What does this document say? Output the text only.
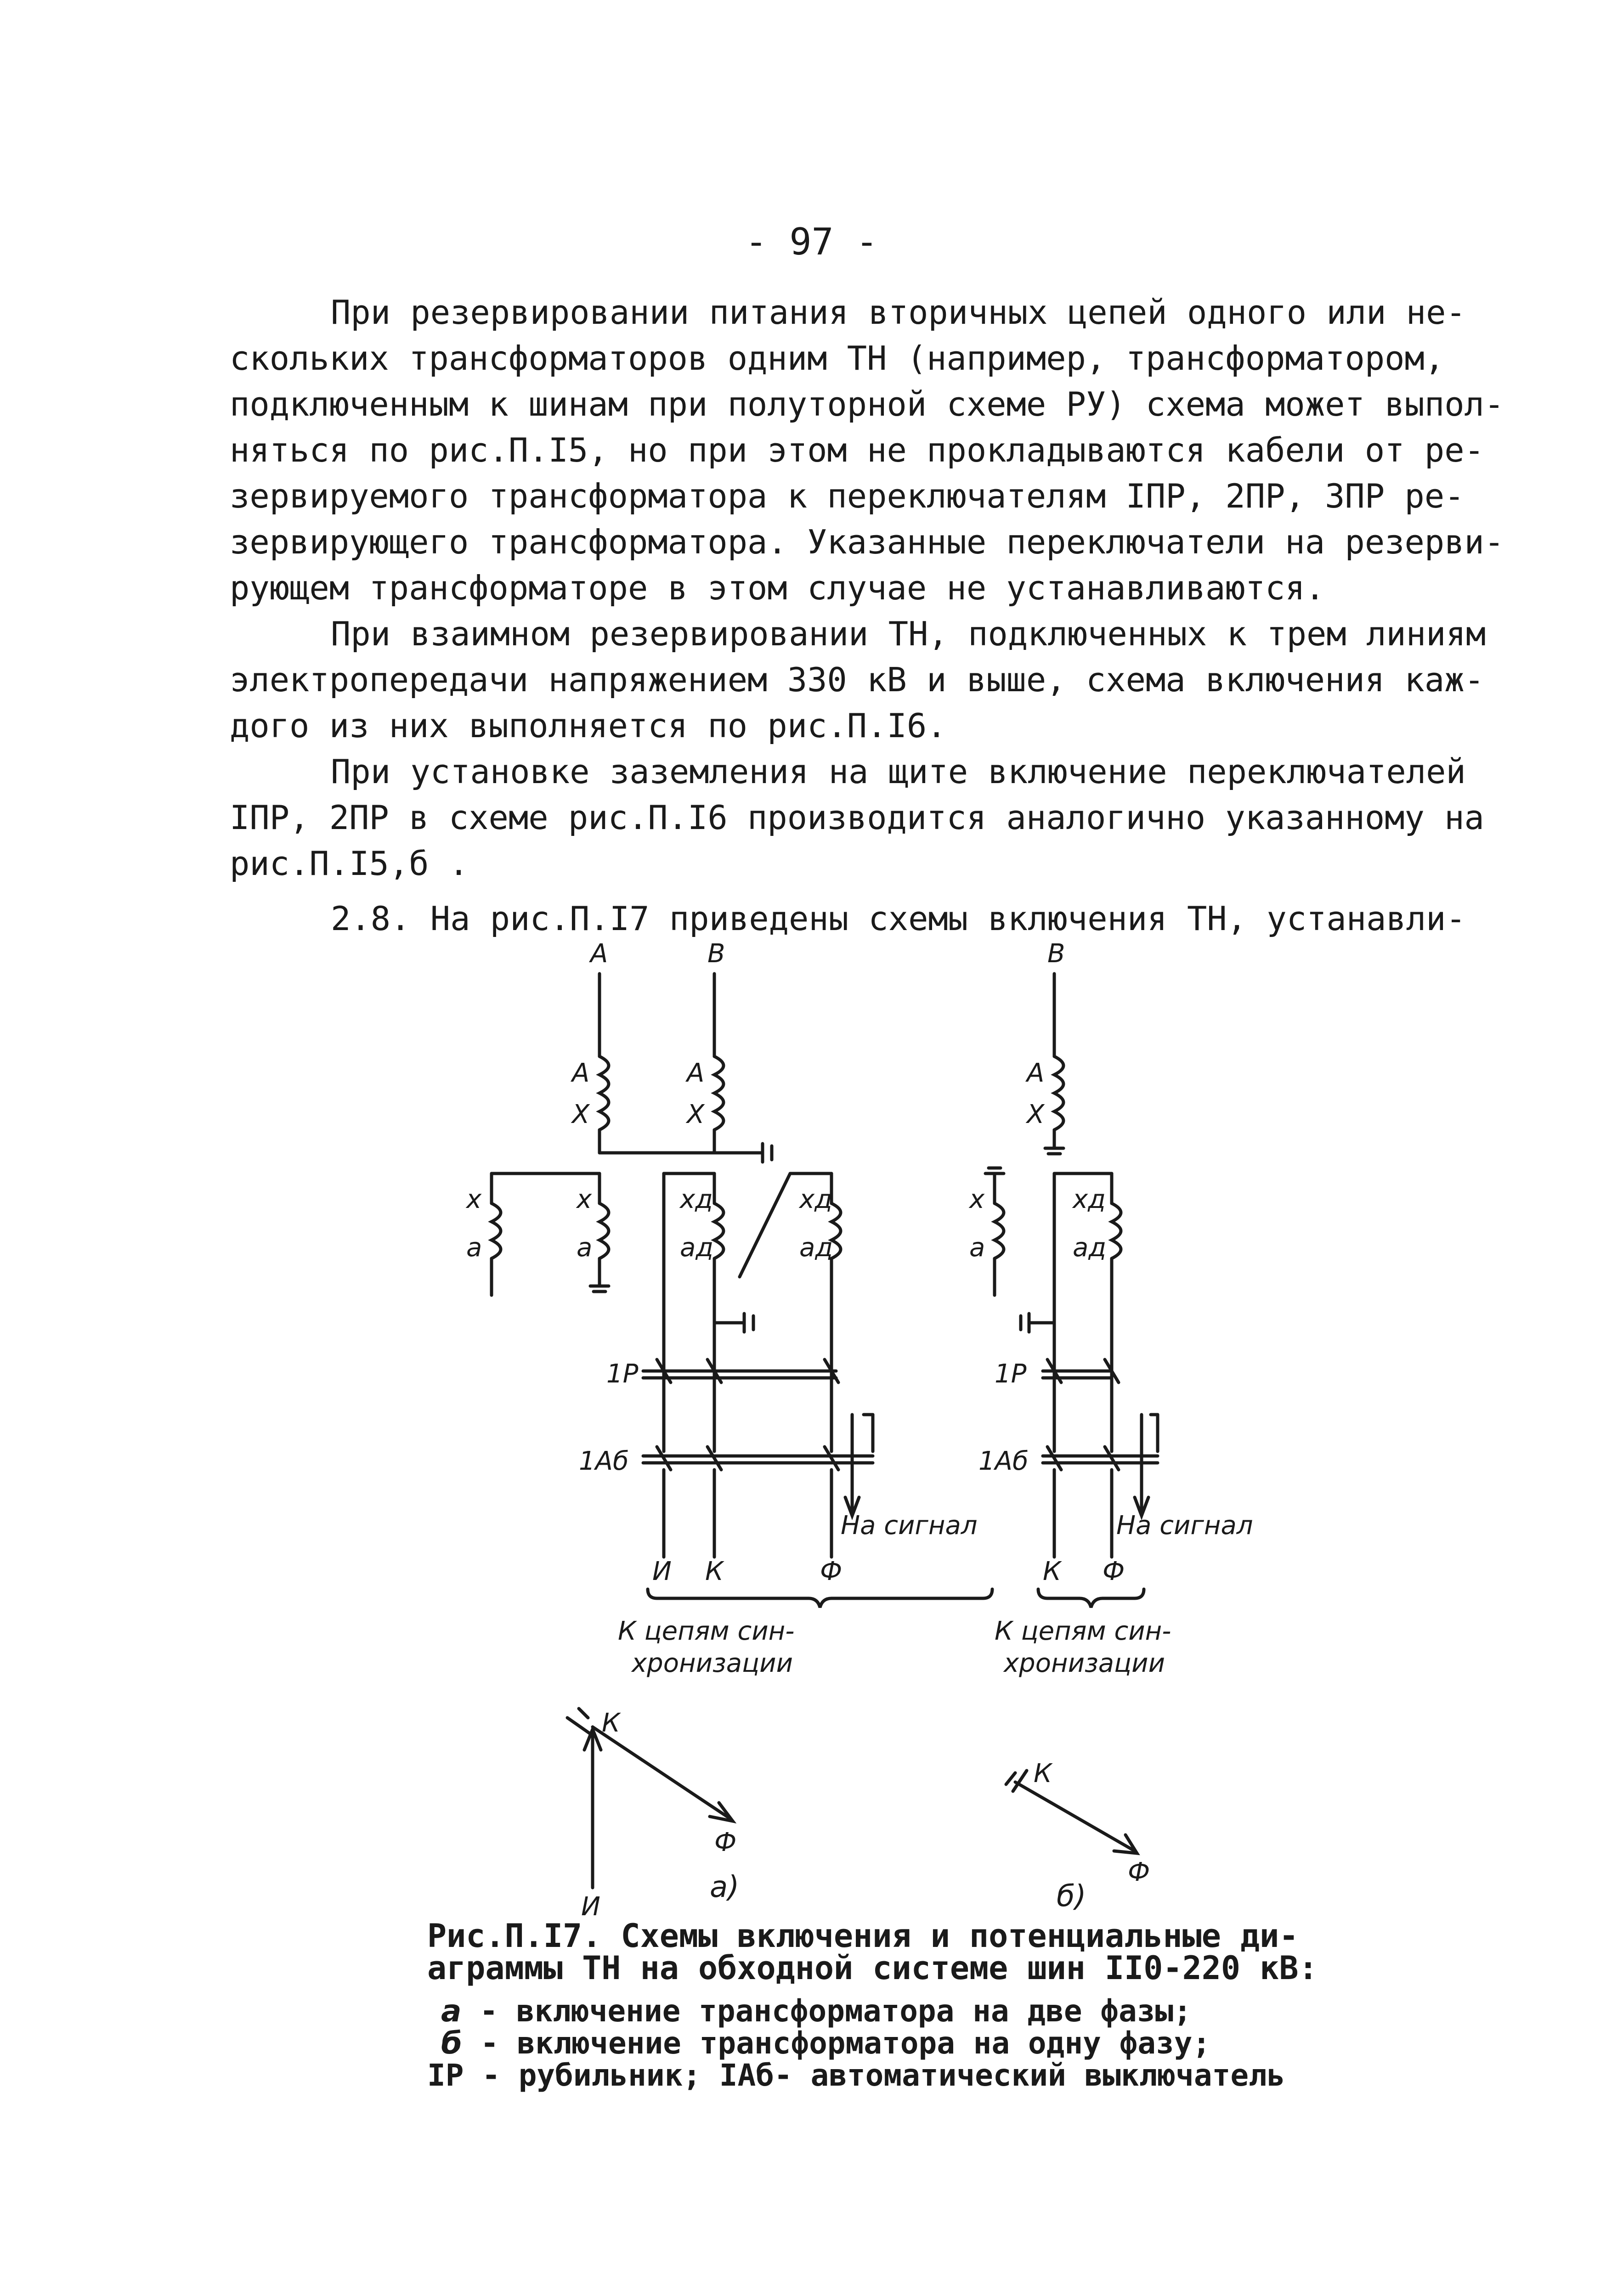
- 97 -
При резервировании питания вторичных цепей одного или не-
скольких трансформаторов одним ТН (например, трансформатором,
подключенным к шинам при полуторной схеме РУ) схема может выпол-
няться по рис.П.I5, но при этом не прокладываются кабели от ре-
зервируемого трансформатора к переключателям IПР, 2ПР, 3ПР ре-
зервирующего трансформатора. Указанные переключатели на резерви-
рующем трансформаторе в этом случае не устанавливаются.
При взаимном резервировании ТН, подключенных к трем линиям
электропередачи напряжением 330 кВ и выше, схема включения каж-
дого из них выполняется по рис.П.I6.
При установке заземления на щите включение переключателей
IПР, 2ПР в схеме рис.П.I6 производится аналогично указанному на
рис.П.I5,б .
2.8. На рис.П.I7 приведены схемы включения ТН, устанавли-
A	B
A
X
A
X
x
a
x
a
xд
aд
xд
aд
1Р
1Аб
На сигнал
И К	Ф
К цепям син-
хронизации
К
Ф
И
а)
B
A
X
x
a
xд
aд
1Р
1Аб
На сигнал
К Ф
К цепям син-
хронизации
К
Ф
б)
Рис.П.I7. Схемы включения и потенциальные ди-
аграммы ТН на обходной системе шин II0-220 кВ:
а - включение трансформатора на две фазы;
б - включение трансформатора на одну фазу;
IР - рубильник; IАб- автоматический выключатель
